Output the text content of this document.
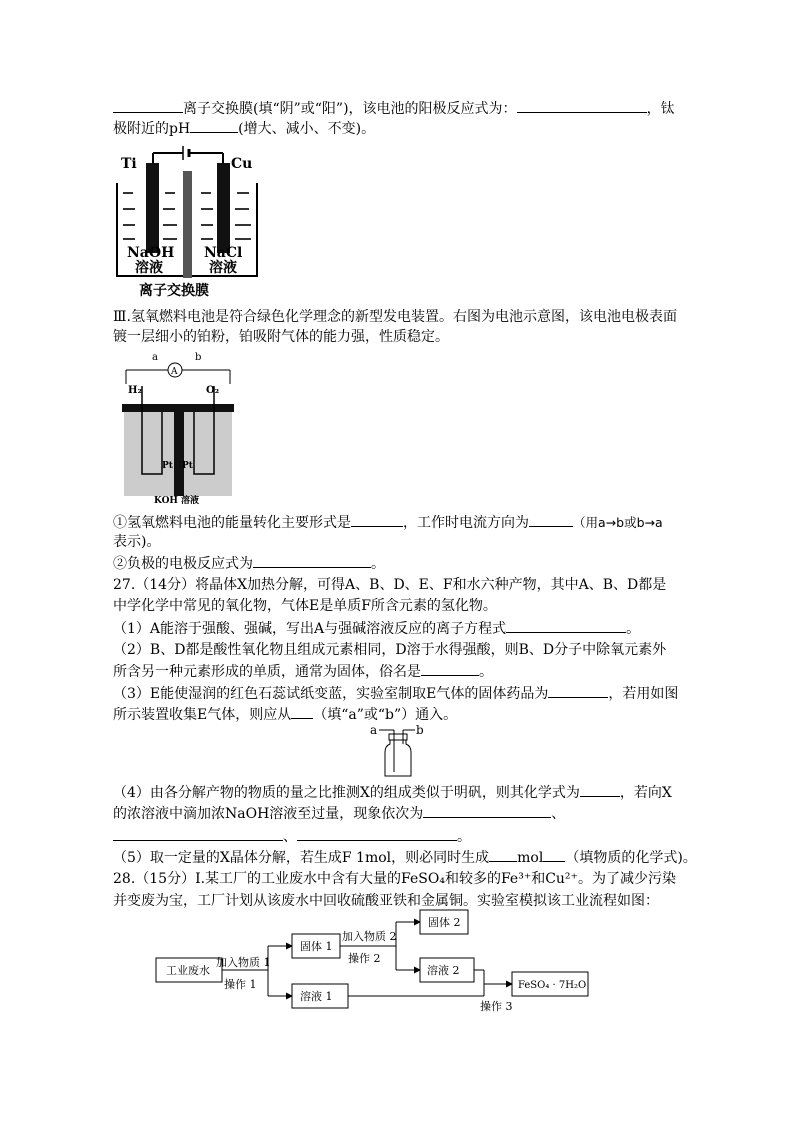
离子交换膜(填“阴”或“阳”)，该电池的阳极反应式为：	，钛
极附近的pH	(增大、减小、不变)。
Ti	Cu
NaOH
溶液
NaCl
溶液
离子交换膜
Ⅲ.氢氧燃料电池是符合绿色化学理念的新型发电装置。右图为电池示意图，该电池电极表面
镀一层细小的铂粉，铂吸附气体的能力强，性质稳定。
a	b
A
H₂	O₂
Pt Pt
KOH 溶液
①氢氧燃料电池的能量转化主要形式是	，工作时电流方向为	（用a→b或b→a
表示)。
②负极的电极反应式为	。
27.（14分）将晶体X加热分解，可得A、B、D、E、F和水六种产物，其中A、B、D都是
中学化学中常见的氧化物，气体E是单质F所含元素的氢化物。
（1）A能溶于强酸、强碱，写出A与强碱溶液反应的离子方程式	。
（2）B、D都是酸性氧化物且组成元素相同，D溶于水得强酸，则B、D分子中除氧元素外
所含另一种元素形成的单质，通常为固体，俗名是	。
（3）E能使湿润的红色石蕊试纸变蓝，实验室制取E气体的固体药品为	，若用如图
所示装置收集E气体，则应从 （填“a”或“b”）通入。
a	b
（4）由各分解产物的物质的量之比推测X的组成类似于明矾，则其化学式为	，若向X
的浓溶液中滴加浓NaOH溶液至过量，现象依次为	、
、	。
（5）取一定量的X晶体分解，若生成F 1mol，则必同时生成 mol （填物质的化学式)。
28.（15分）Ⅰ.某工厂的工业废水中含有大量的FeSO₄和较多的Fe³⁺和Cu²⁺。为了减少污染
并变废为宝，工厂计划从该废水中回收硫酸亚铁和金属铜。实验室模拟该工业流程如图：
工业废水
加入物质 1
操作 1
固体 1
溶液 1
加入物质 2
操作 2
固体 2
溶液 2
操作 3
FeSO₄ · 7H₂O
